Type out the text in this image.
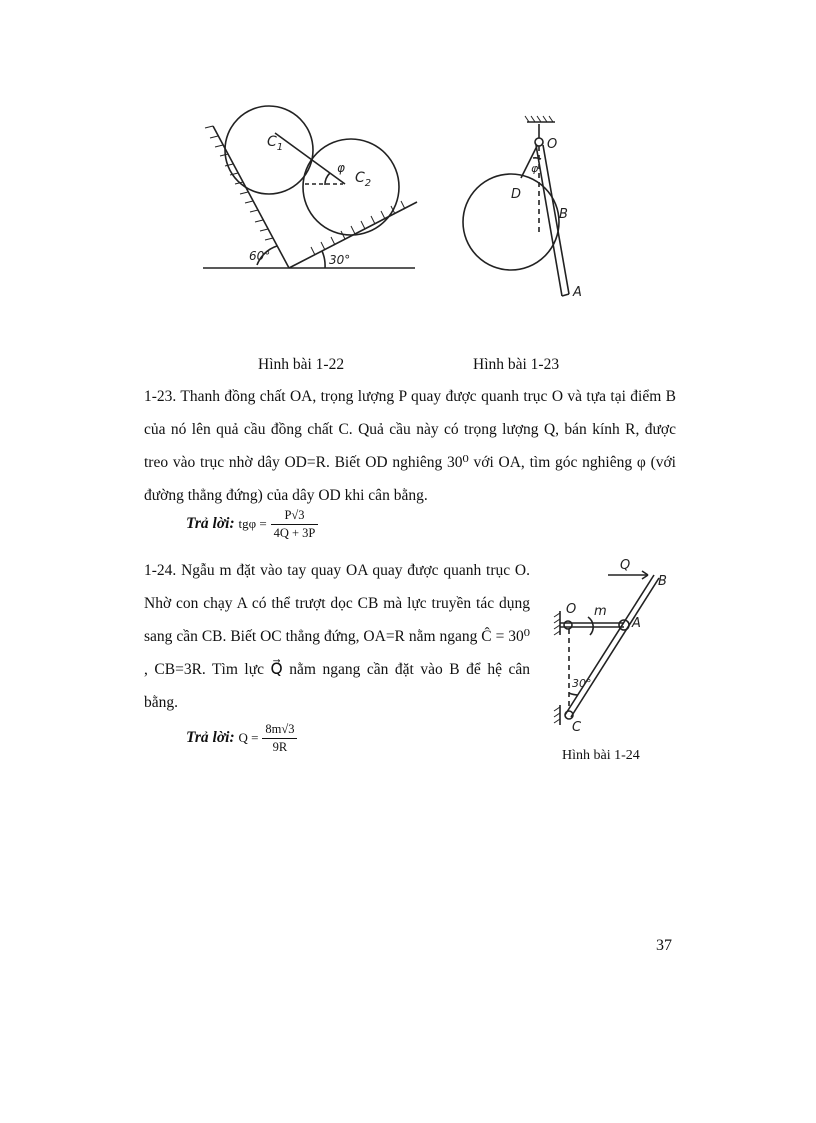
$C_1$
$C_2$
φ
60°	30°
O
φ
D
B
A
Hình bài 1-22	Hình bài 1-23
1-23. Thanh đồng chất OA, trọng lượng P quay được quanh trục O và tựa tại điểm B của nó lên quả cầu đồng chất C. Quả cầu này có trọng lượng Q, bán kính R, được treo vào trục nhờ dây OD=R. Biết OD nghiêng 30⁰ với OA, tìm góc nghiêng φ (với đường thẳng đứng) của dây OD khi cân bằng.
Trả lời: $tg\varphi = \frac{P√3}{4Q + 3P}$
1-24. Ngẫu m đặt vào tay quay OA quay được quanh trục O. Nhờ con chạy A có thể trượt dọc CB mà lực truyền tác dụng sang cần CB. Biết OC thẳng đứng, OA=R nằm ngang Ĉ = 30⁰ , CB=3R. Tìm lực Q⃗ nằm ngang cần đặt vào B để hệ cân bằng.
Trả lời: $Q = \frac{8m√3}{9R}$
Q
B
O m
A
30°
C
Hình bài 1-24
37
